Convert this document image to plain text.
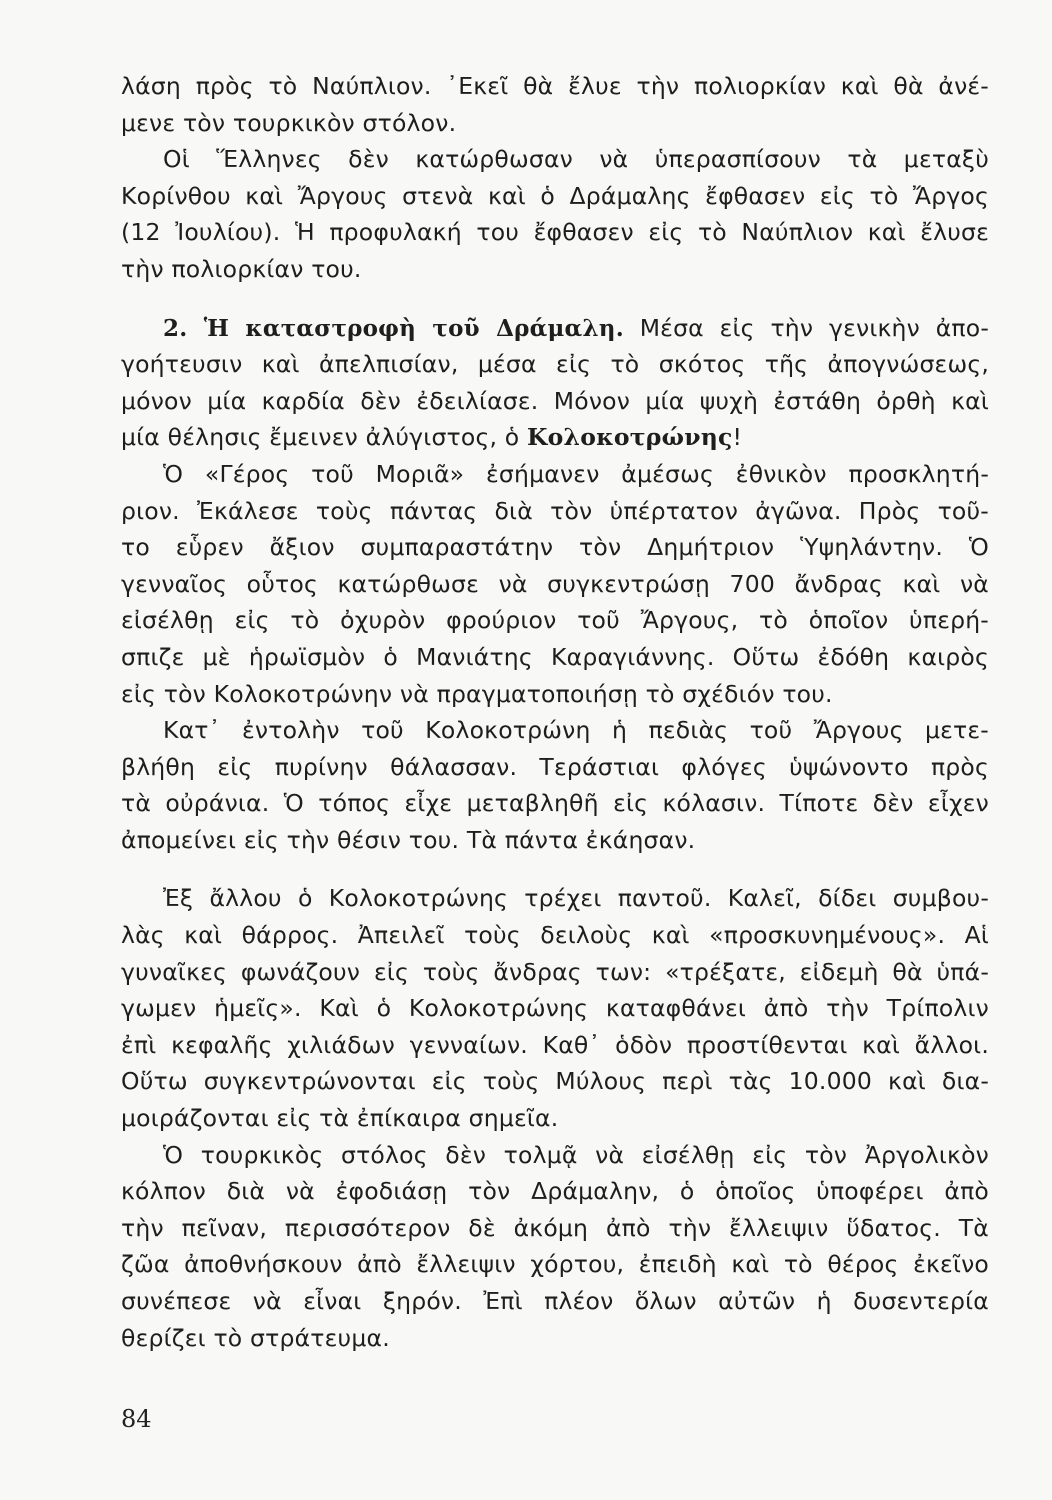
λάση πρὸς τὸ Ναύπλιον. ᾿Εκεῖ θὰ ἔλυε τὴν πολιορκίαν καὶ θὰ ἀνέ-
μενε τὸν τουρκικὸν στόλον.
Οἱ Ἕλληνες δὲν κατώρθωσαν νὰ ὑπερασπίσουν τὰ μεταξὺ
Κορίνθου καὶ Ἄργους στενὰ καὶ ὁ Δράμαλης ἔφθασεν εἰς τὸ Ἄργος
(12 Ἰουλίου). Ἡ προφυλακή του ἔφθασεν εἰς τὸ Ναύπλιον καὶ ἔλυσε
τὴν πολιορκίαν του.
2. Ἡ καταστροφὴ τοῦ Δράμαλη. Μέσα εἰς τὴν γενικὴν ἀπο-
γοήτευσιν καὶ ἀπελπισίαν, μέσα εἰς τὸ σκότος τῆς ἀπογνώσεως,
μόνον μία καρδία δὲν ἐδειλίασε. Μόνον μία ψυχὴ ἐστάθη ὀρθὴ καὶ
μία θέλησις ἔμεινεν ἀλύγιστος, ὁ Κολοκοτρώνης!
Ὁ «Γέρος τοῦ Μοριᾶ» ἐσήμανεν ἀμέσως ἐθνικὸν προσκλητή-
ριον. Ἐκάλεσε τοὺς πάντας διὰ τὸν ὑπέρτατον ἀγῶνα. Πρὸς τοῦ-
το εὗρεν ἄξιον συμπαραστάτην τὸν Δημήτριον Ὑψηλάντην. Ὁ
γενναῖος οὗτος κατώρθωσε νὰ συγκεντρώσῃ 700 ἄνδρας καὶ νὰ
εἰσέλθῃ εἰς τὸ ὀχυρὸν φρούριον τοῦ Ἄργους, τὸ ὁποῖον ὑπερή-
σπιζε μὲ ἡρωϊσμὸν ὁ Μανιάτης Καραγιάννης. Οὕτω ἐδόθη καιρὸς
εἰς τὸν Κολοκοτρώνην νὰ πραγματοποιήσῃ τὸ σχέδιόν του.
Κατ᾿ ἐντολὴν τοῦ Κολοκοτρώνη ἡ πεδιὰς τοῦ Ἄργους μετε-
βλήθη εἰς πυρίνην θάλασσαν. Τεράστιαι φλόγες ὑψώνοντο πρὸς
τὰ οὐράνια. Ὁ τόπος εἶχε μεταβληθῆ εἰς κόλασιν. Τίποτε δὲν εἶχεν
ἀπομείνει εἰς τὴν θέσιν του. Τὰ πάντα ἐκάησαν.
Ἐξ ἄλλου ὁ Κολοκοτρώνης τρέχει παντοῦ. Καλεῖ, δίδει συμβου-
λὰς καὶ θάρρος. Ἀπειλεῖ τοὺς δειλοὺς καὶ «προσκυνημένους». Αἱ
γυναῖκες φωνάζουν εἰς τοὺς ἄνδρας των: «τρέξατε, εἰδεμὴ θὰ ὑπά-
γωμεν ἡμεῖς». Καὶ ὁ Κολοκοτρώνης καταφθάνει ἀπὸ τὴν Τρίπολιν
ἐπὶ κεφαλῆς χιλιάδων γενναίων. Καθ᾿ ὁδὸν προστίθενται καὶ ἄλλοι.
Οὕτω συγκεντρώνονται εἰς τοὺς Μύλους περὶ τὰς 10.000 καὶ δια-
μοιράζονται εἰς τὰ ἐπίκαιρα σημεῖα.
Ὁ τουρκικὸς στόλος δὲν τολμᾷ νὰ εἰσέλθῃ εἰς τὸν Ἀργολικὸν
κόλπον διὰ νὰ ἐφοδιάσῃ τὸν Δράμαλην, ὁ ὁποῖος ὑποφέρει ἀπὸ
τὴν πεῖναν, περισσότερον δὲ ἀκόμη ἀπὸ τὴν ἔλλειψιν ὕδατος. Τὰ
ζῶα ἀποθνήσκουν ἀπὸ ἔλλειψιν χόρτου, ἐπειδὴ καὶ τὸ θέρος ἐκεῖνο
συνέπεσε νὰ εἶναι ξηρόν. Ἐπὶ πλέον ὅλων αὐτῶν ἡ δυσεντερία
θερίζει τὸ στράτευμα.
84
